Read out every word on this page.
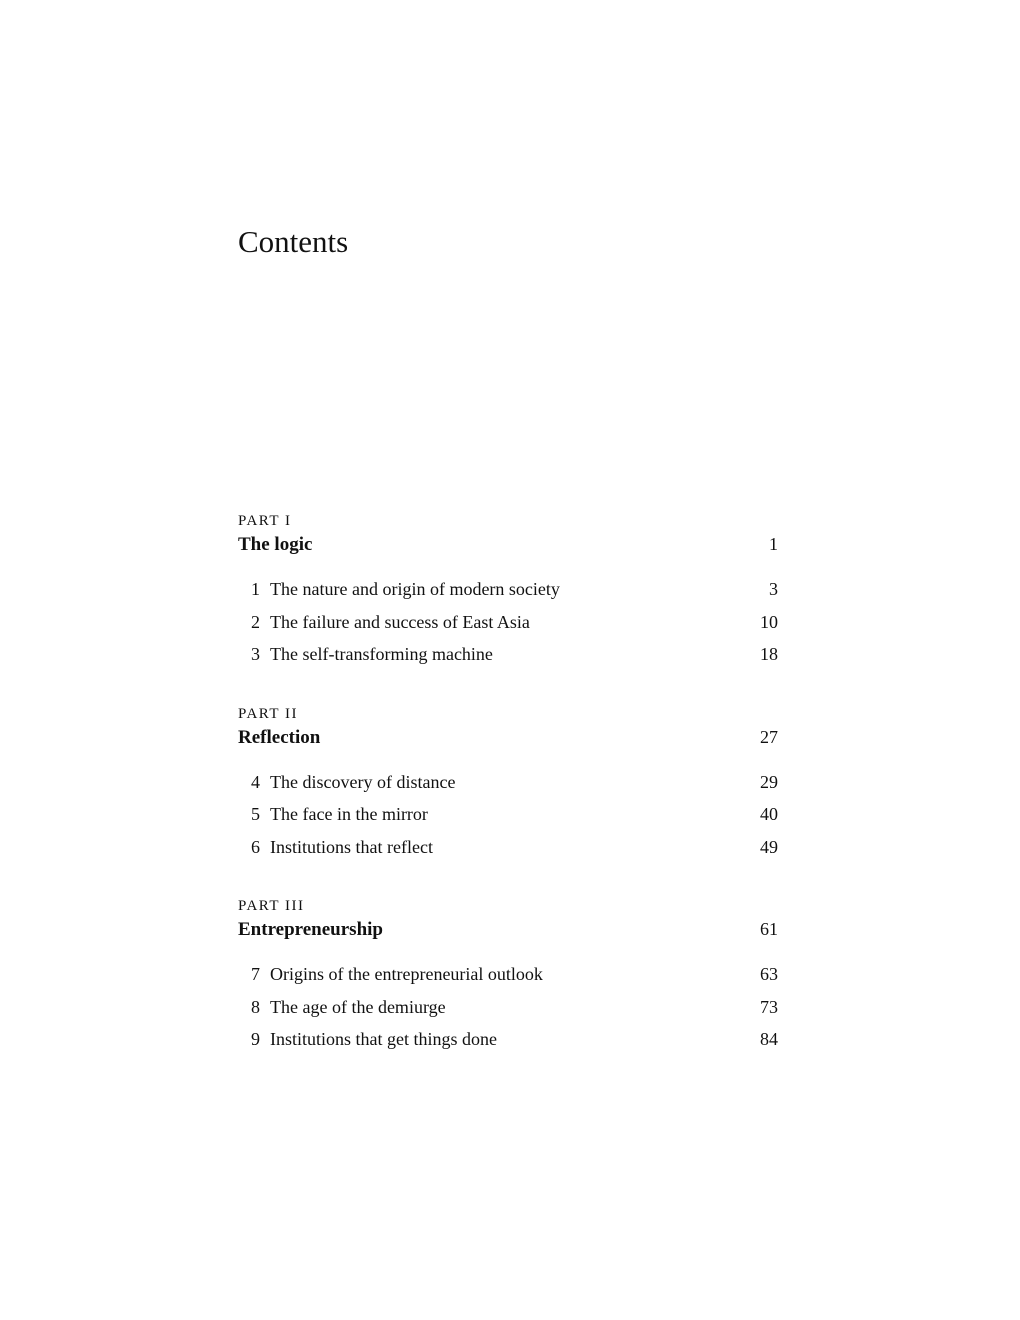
Contents
PART I
The logic	1
1 The nature and origin of modern society	3
2 The failure and success of East Asia	10
3 The self-transforming machine	18
PART II
Reflection	27
4 The discovery of distance	29
5 The face in the mirror	40
6 Institutions that reflect	49
PART III
Entrepreneurship	61
7 Origins of the entrepreneurial outlook	63
8 The age of the demiurge	73
9 Institutions that get things done	84
